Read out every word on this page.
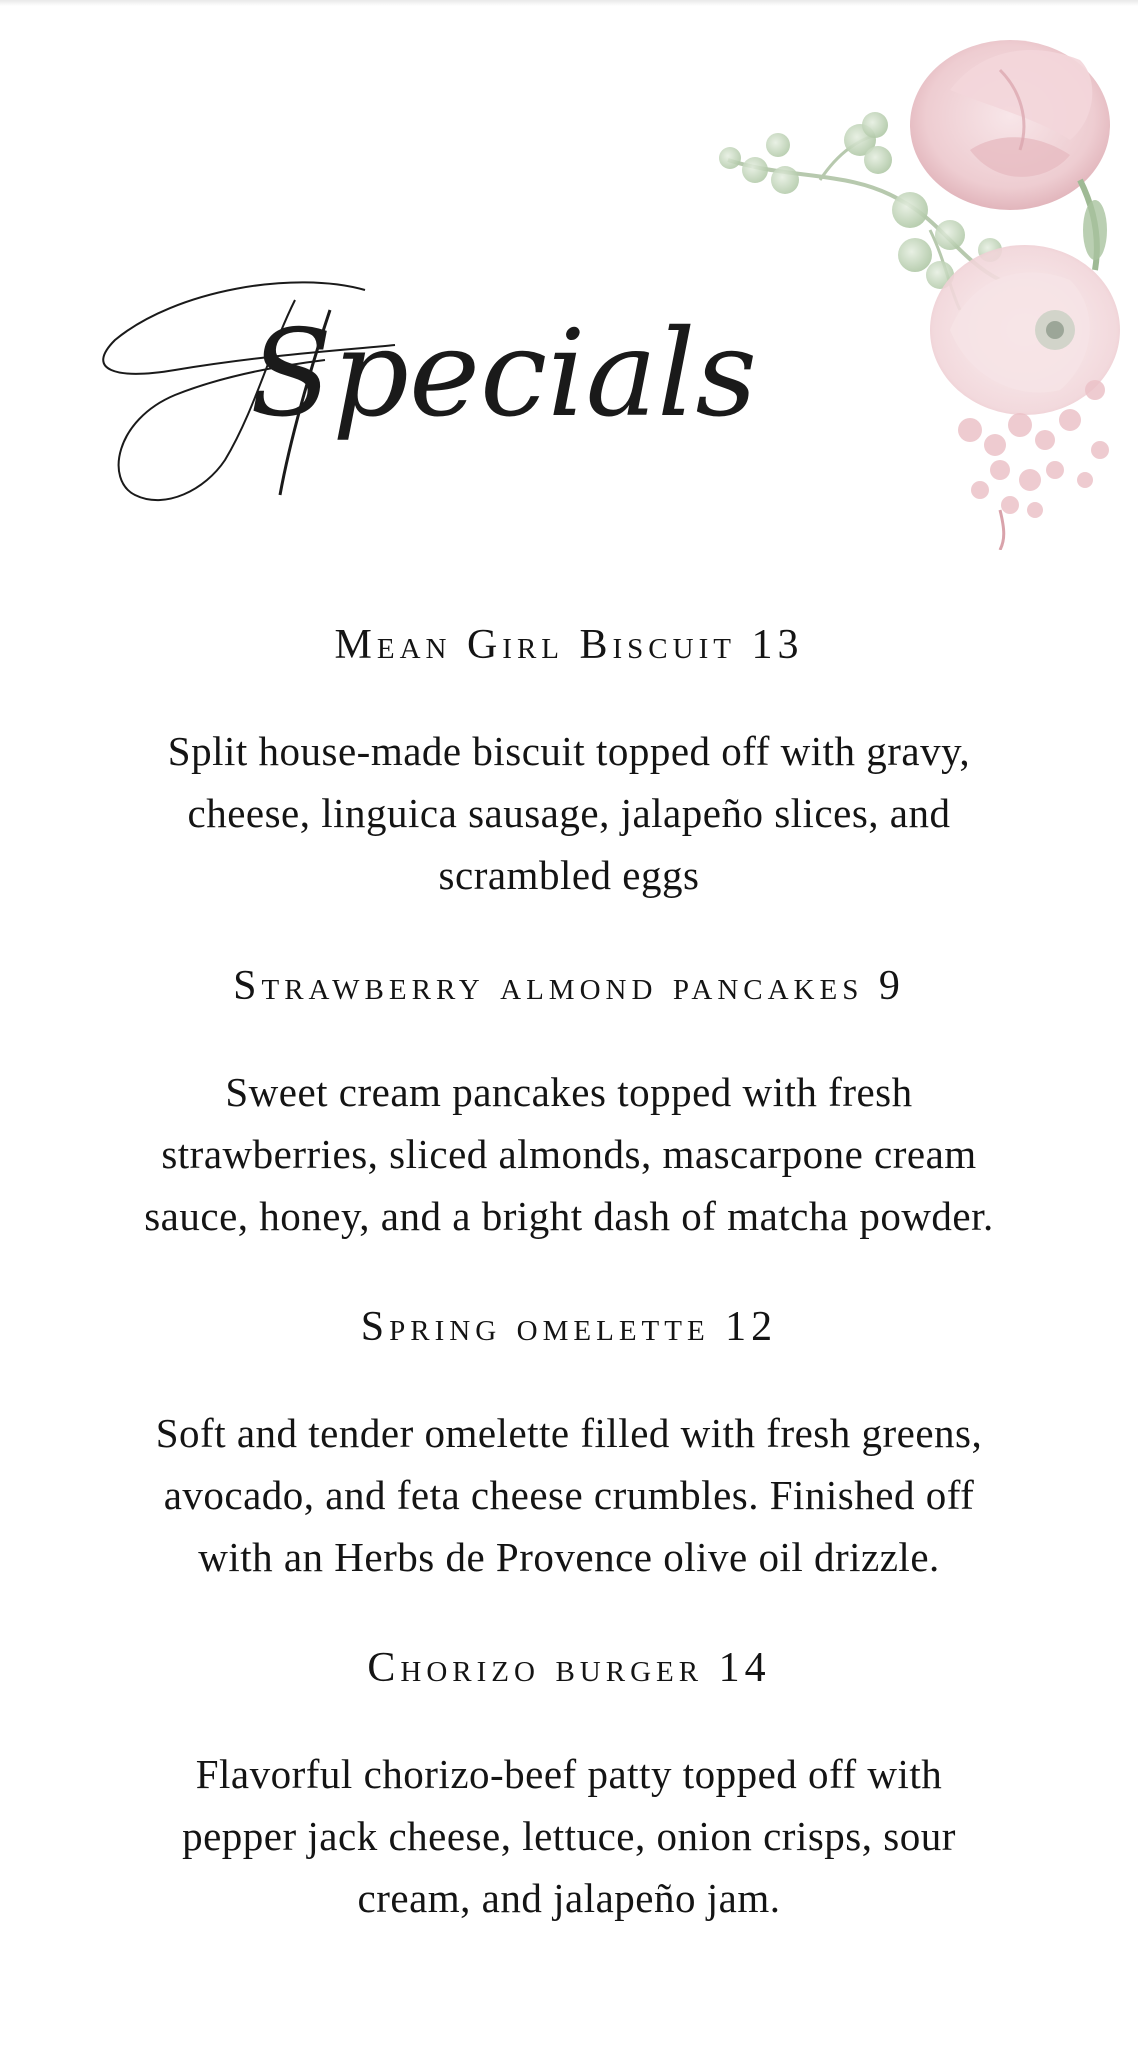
Specials

Mean Girl Biscuit 13

Split house-made biscuit topped off with gravy, cheese, linguica sausage, jalapeño slices, and scrambled eggs

Strawberry almond pancakes 9

Sweet cream pancakes topped with fresh strawberries, sliced almonds, mascarpone cream sauce, honey, and a bright dash of matcha powder.

Spring omelette 12

Soft and tender omelette filled with fresh greens, avocado, and feta cheese crumbles. Finished off with an Herbs de Provence olive oil drizzle.

Chorizo burger 14

Flavorful chorizo-beef patty topped off with pepper jack cheese, lettuce, onion crisps, sour cream, and jalapeño jam.
